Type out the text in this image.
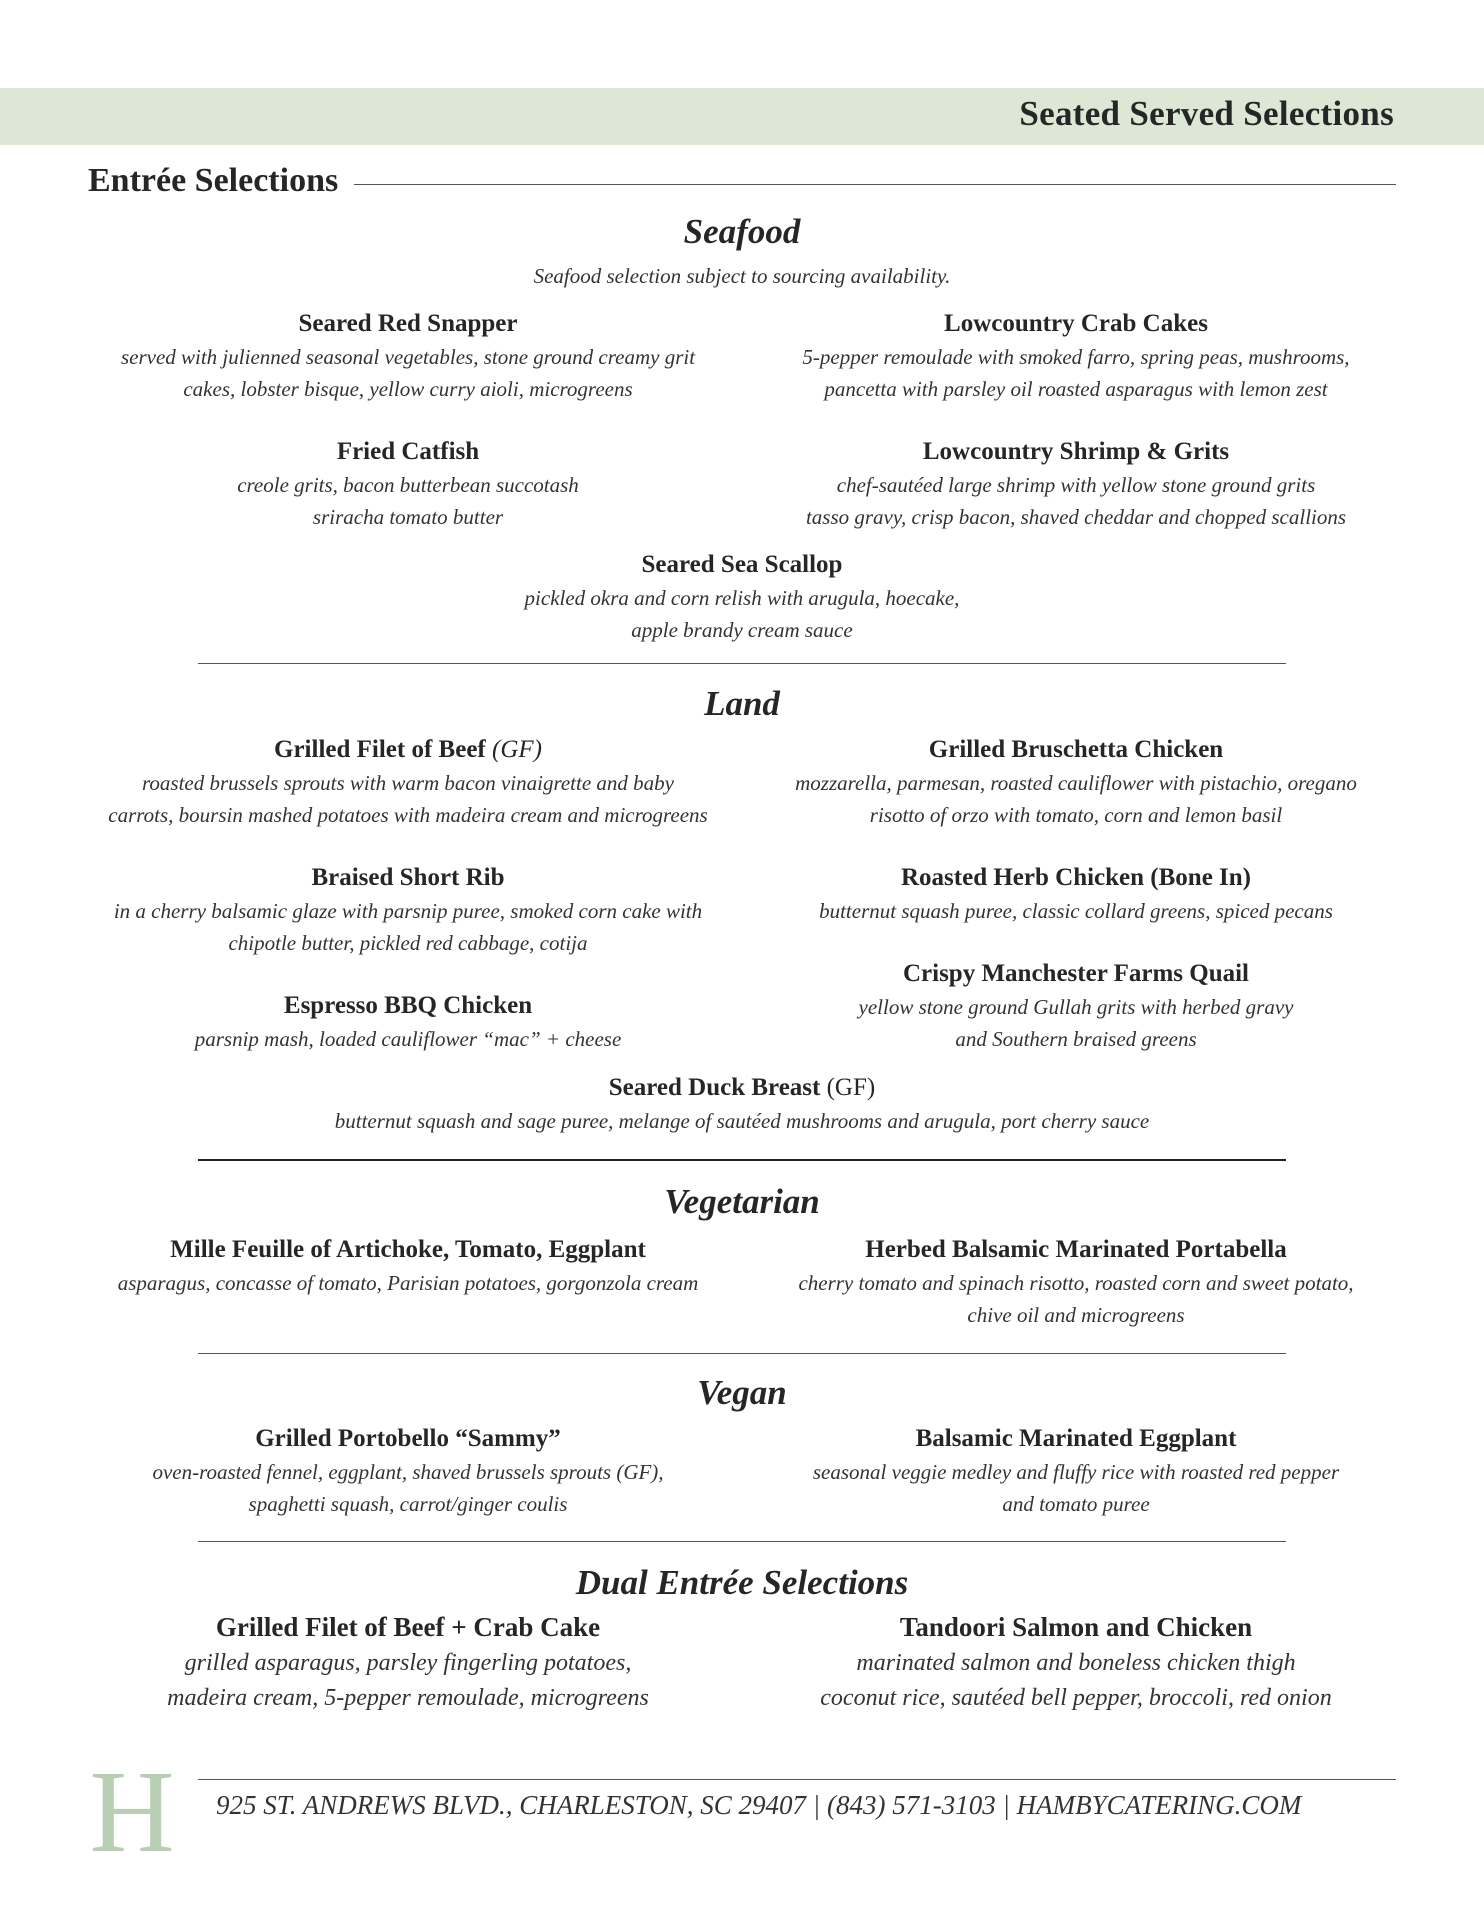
Seated Served Selections
Entrée Selections
Seafood
Seafood selection subject to sourcing availability.
Seared Red Snapper
served with julienned seasonal vegetables, stone ground creamy grit
cakes, lobster bisque, yellow curry aioli, microgreens
Lowcountry Crab Cakes
5-pepper remoulade with smoked farro, spring peas, mushrooms,
pancetta with parsley oil roasted asparagus with lemon zest
Fried Catfish
creole grits, bacon butterbean succotash
sriracha tomato butter
Lowcountry Shrimp & Grits
chef-sautéed large shrimp with yellow stone ground grits
tasso gravy, crisp bacon, shaved cheddar and chopped scallions
Seared Sea Scallop
pickled okra and corn relish with arugula, hoecake,
apple brandy cream sauce
Land
Grilled Filet of Beef (GF)
roasted brussels sprouts with warm bacon vinaigrette and baby
carrots, boursin mashed potatoes with madeira cream and microgreens
Grilled Bruschetta Chicken
mozzarella, parmesan, roasted cauliflower with pistachio, oregano
risotto of orzo with tomato, corn and lemon basil
Braised Short Rib
in a cherry balsamic glaze with parsnip puree, smoked corn cake with
chipotle butter, pickled red cabbage, cotija
Roasted Herb Chicken (Bone In)
butternut squash puree, classic collard greens, spiced pecans
Crispy Manchester Farms Quail
yellow stone ground Gullah grits with herbed gravy
and Southern braised greens
Espresso BBQ Chicken
parsnip mash, loaded cauliflower “mac” + cheese
Seared Duck Breast (GF)
butternut squash and sage puree, melange of sautéed mushrooms and arugula, port cherry sauce
Vegetarian
Mille Feuille of Artichoke, Tomato, Eggplant
asparagus, concasse of tomato, Parisian potatoes, gorgonzola cream
Herbed Balsamic Marinated Portabella
cherry tomato and spinach risotto, roasted corn and sweet potato,
chive oil and microgreens
Vegan
Grilled Portobello “Sammy”
oven-roasted fennel, eggplant, shaved brussels sprouts (GF),
spaghetti squash, carrot/ginger coulis
Balsamic Marinated Eggplant
seasonal veggie medley and fluffy rice with roasted red pepper
and tomato puree
Dual Entrée Selections
Grilled Filet of Beef + Crab Cake
grilled asparagus, parsley fingerling potatoes,
madeira cream, 5-pepper remoulade, microgreens
Tandoori Salmon and Chicken
marinated salmon and boneless chicken thigh
coconut rice, sautéed bell pepper, broccoli, red onion
H 925 ST. ANDREWS BLVD., CHARLESTON, SC 29407 | (843) 571-3103 | HAMBYCATERING.COM
